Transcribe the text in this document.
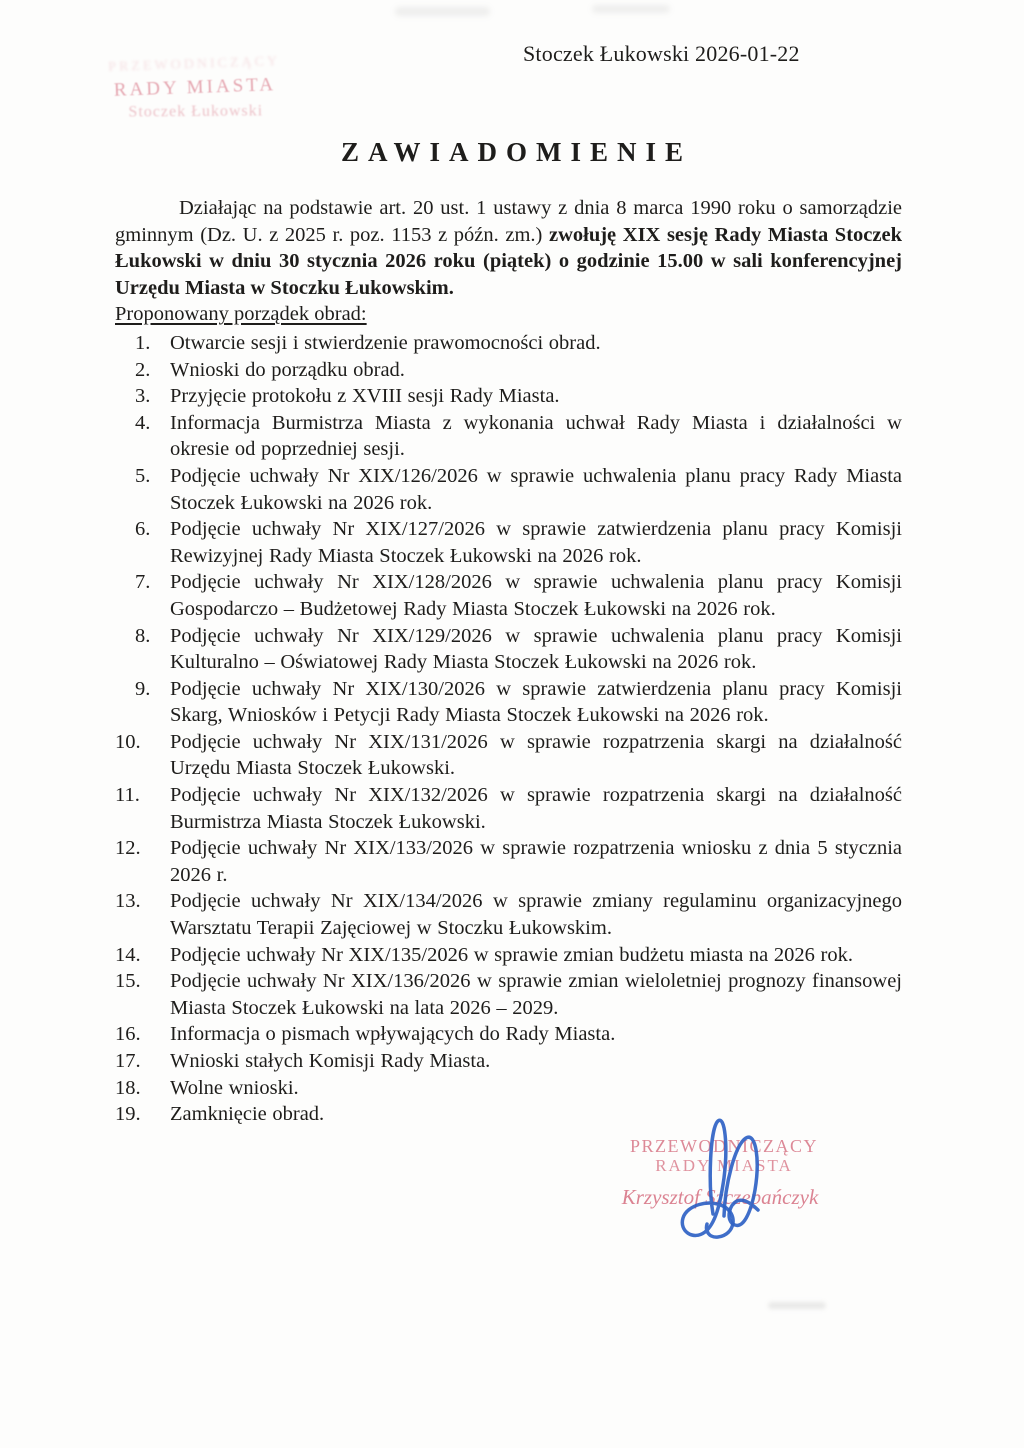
PRZEWODNICZĄCY
RADY MIASTA
Stoczek Łukowski
Stoczek Łukowski 2026-01-22
ZAWIADOMIENIE

Działając na podstawie art. 20 ust. 1 ustawy z dnia 8 marca 1990 roku o samorządzie gminnym (Dz. U. z 2025 r. poz. 1153 z późn. zm.) zwołuję XIX sesję Rady Miasta Stoczek Łukowski w dniu 30 stycznia 2026 roku (piątek) o godzinie 15.00 w sali konferencyjnej Urzędu Miasta w Stoczku Łukowskim.

Proponowany porządek obrad:

1. Otwarcie sesji i stwierdzenie prawomocności obrad.
2. Wnioski do porządku obrad.
3. Przyjęcie protokołu z XVIII sesji Rady Miasta.
4. Informacja Burmistrza Miasta z wykonania uchwał Rady Miasta i działalności w okresie od poprzedniej sesji.
5. Podjęcie uchwały Nr XIX/126/2026 w sprawie uchwalenia planu pracy Rady Miasta Stoczek Łukowski na 2026 rok.
6. Podjęcie uchwały Nr XIX/127/2026 w sprawie zatwierdzenia planu pracy Komisji Rewizyjnej Rady Miasta Stoczek Łukowski na 2026 rok.
7. Podjęcie uchwały Nr XIX/128/2026 w sprawie uchwalenia planu pracy Komisji Gospodarczo – Budżetowej Rady Miasta Stoczek Łukowski na 2026 rok.
8. Podjęcie uchwały Nr XIX/129/2026 w sprawie uchwalenia planu pracy Komisji Kulturalno – Oświatowej Rady Miasta Stoczek Łukowski na 2026 rok.
9. Podjęcie uchwały Nr XIX/130/2026 w sprawie zatwierdzenia planu pracy Komisji Skarg, Wniosków i Petycji Rady Miasta Stoczek Łukowski na 2026 rok.
10.	Podjęcie uchwały Nr XIX/131/2026 w sprawie rozpatrzenia skargi na działalność Urzędu Miasta Stoczek Łukowski.
11.	Podjęcie uchwały Nr XIX/132/2026 w sprawie rozpatrzenia skargi na działalność Burmistrza Miasta Stoczek Łukowski.
12.	Podjęcie uchwały Nr XIX/133/2026 w sprawie rozpatrzenia wniosku z dnia 5 stycznia 2026 r.
13.	Podjęcie uchwały Nr XIX/134/2026 w sprawie zmiany regulaminu organizacyjnego Warsztatu Terapii Zajęciowej w Stoczku Łukowskim.
14.	Podjęcie uchwały Nr XIX/135/2026 w sprawie zmian budżetu miasta na 2026 rok.
15.	Podjęcie uchwały Nr XIX/136/2026 w sprawie zmian wieloletniej prognozy finansowej Miasta Stoczek Łukowski na lata 2026 – 2029.
16.	Informacja o pismach wpływających do Rady Miasta.
17.	Wnioski stałych Komisji Rady Miasta.
18.	Wolne wnioski.
19.	Zamknięcie obrad.
PRZEWODNICZĄCY
RADY MIASTA
Krzysztof Szczepańczyk
